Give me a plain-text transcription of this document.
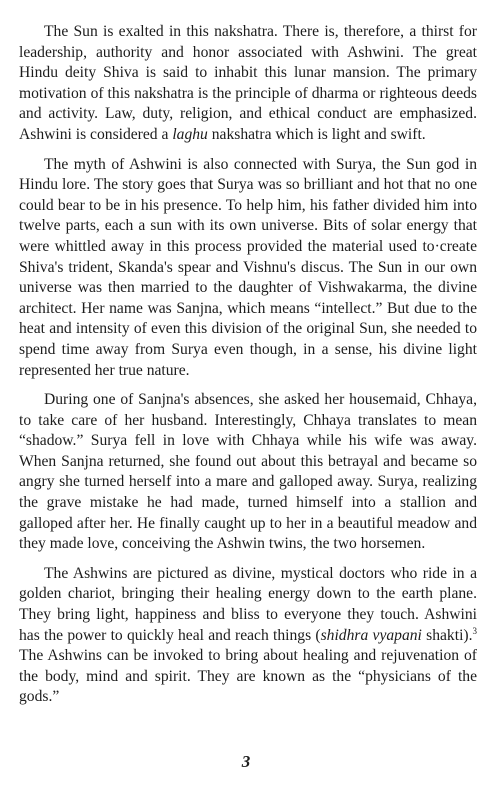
The Sun is exalted in this nakshatra. There is, therefore, a thirst for leadership, authority and honor associated with Ashwini. The great Hindu deity Shiva is said to inhabit this lunar mansion. The primary motivation of this nakshatra is the principle of dharma or righteous deeds and activity. Law, duty, religion, and ethical conduct are emphasized. Ashwini is considered a laghu nakshatra which is light and swift.

The myth of Ashwini is also connected with Surya, the Sun god in Hindu lore. The story goes that Surya was so brilliant and hot that no one could bear to be in his presence. To help him, his father divided him into twelve parts, each a sun with its own universe. Bits of solar energy that were whittled away in this process provided the material used to·create Shiva's trident, Skanda's spear and Vishnu's discus. The Sun in our own universe was then married to the daughter of Vishwakarma, the divine architect. Her name was Sanjna, which means “intellect.” But due to the heat and intensity of even this division of the original Sun, she needed to spend time away from Surya even though, in a sense, his divine light represented her true nature.

During one of Sanjna's absences, she asked her housemaid, Chhaya, to take care of her husband. Interestingly, Chhaya translates to mean “shadow.” Surya fell in love with Chhaya while his wife was away. When Sanjna returned, she found out about this betrayal and became so angry she turned herself into a mare and galloped away. Surya, realizing the grave mistake he had made, turned himself into a stallion and galloped after her. He finally caught up to her in a beautiful meadow and they made love, conceiving the Ashwin twins, the two horsemen.

The Ashwins are pictured as divine, mystical doctors who ride in a golden chariot, bringing their healing energy down to the earth plane. They bring light, happiness and bliss to everyone they touch. Ashwini has the power to quickly heal and reach things (shidhra vyapani shakti).$^3$ The Ashwins can be invoked to bring about healing and rejuvenation of the body, mind and spirit. They are known as the “physicians of the gods.”

3
